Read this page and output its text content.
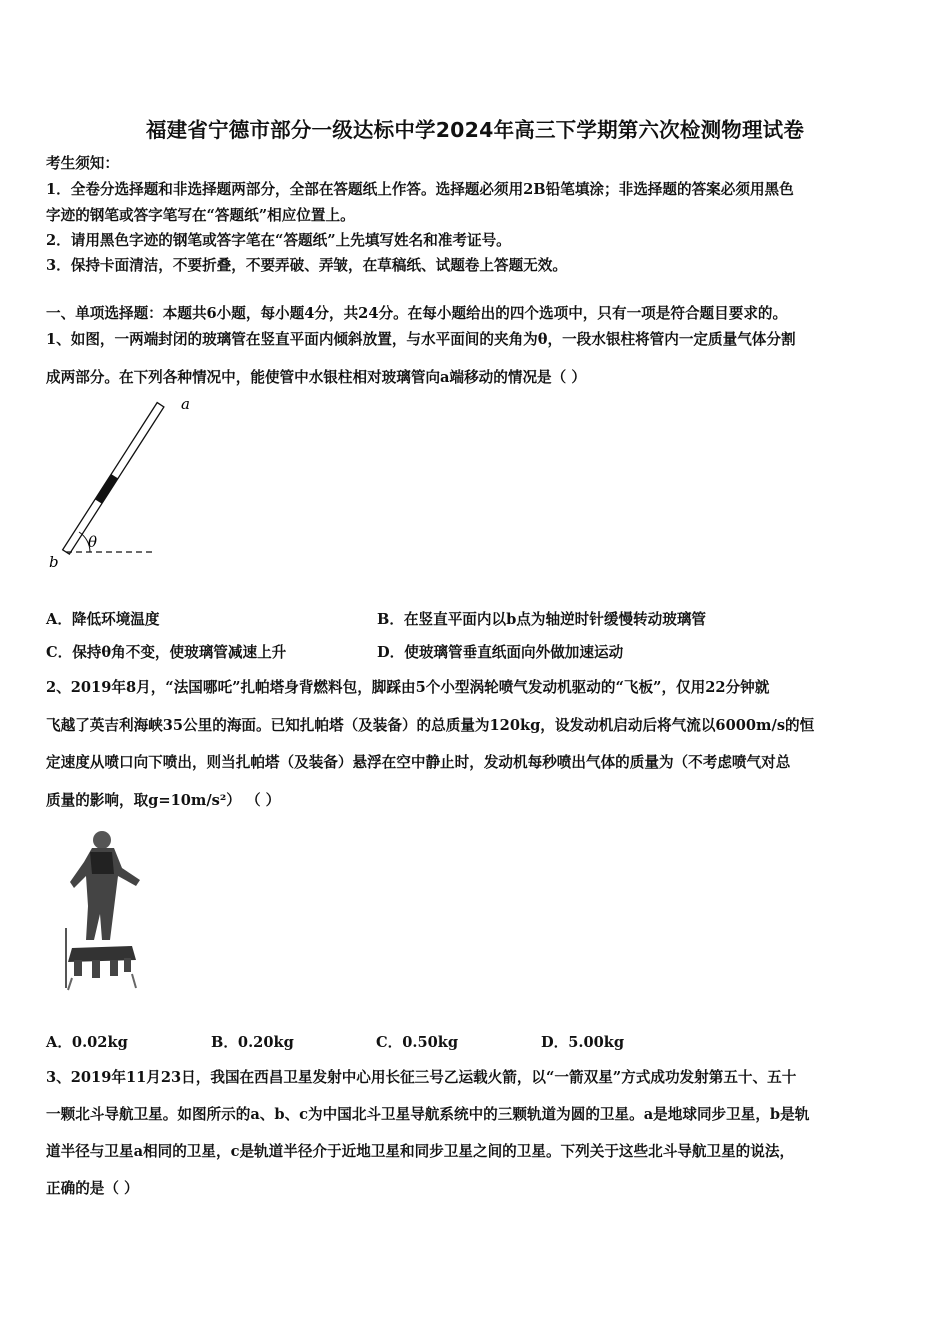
福建省宁德市部分一级达标中学2024年高三下学期第六次检测物理试卷
考生须知：
1．全卷分选择题和非选择题两部分，全部在答题纸上作答。选择题必须用2B铅笔填涂；非选择题的答案必须用黑色
字迹的钢笔或答字笔写在“答题纸”相应位置上。
2．请用黑色字迹的钢笔或答字笔在“答题纸”上先填写姓名和准考证号。
3．保持卡面清洁，不要折叠，不要弄破、弄皱，在草稿纸、试题卷上答题无效。
一、单项选择题：本题共6小题，每小题4分，共24分。在每小题给出的四个选项中，只有一项是符合题目要求的。
1、如图，一两端封闭的玻璃管在竖直平面内倾斜放置，与水平面间的夹角为θ，一段水银柱将管内一定质量气体分割
成两部分。在下列各种情况中，能使管中水银柱相对玻璃管向a端移动的情况是（ ）
a
b
θ
A．降低环境温度	B．在竖直平面内以b点为轴逆时针缓慢转动玻璃管
C．保持θ角不变，使玻璃管减速上升	D．使玻璃管垂直纸面向外做加速运动
2、2019年8月，“法国哪吒”扎帕塔身背燃料包，脚踩由5个小型涡轮喷气发动机驱动的“飞板”，仅用22分钟就
飞越了英吉利海峡35公里的海面。已知扎帕塔（及装备）的总质量为120kg，设发动机启动后将气流以6000m/s的恒
定速度从喷口向下喷出，则当扎帕塔（及装备）悬浮在空中静止时，发动机每秒喷出气体的质量为（不考虑喷气对总
质量的影响，取g=10m/s²） （ ）
A．0.02kg	B．0.20kg	C．0.50kg	D．5.00kg
3、2019年11月23日，我国在西昌卫星发射中心用长征三号乙运载火箭，以“一箭双星”方式成功发射第五十、五十
一颗北斗导航卫星。如图所示的a、b、c为中国北斗卫星导航系统中的三颗轨道为圆的卫星。a是地球同步卫星，b是轨
道半径与卫星a相同的卫星，c是轨道半径介于近地卫星和同步卫星之间的卫星。下列关于这些北斗导航卫星的说法，
正确的是（ ）
